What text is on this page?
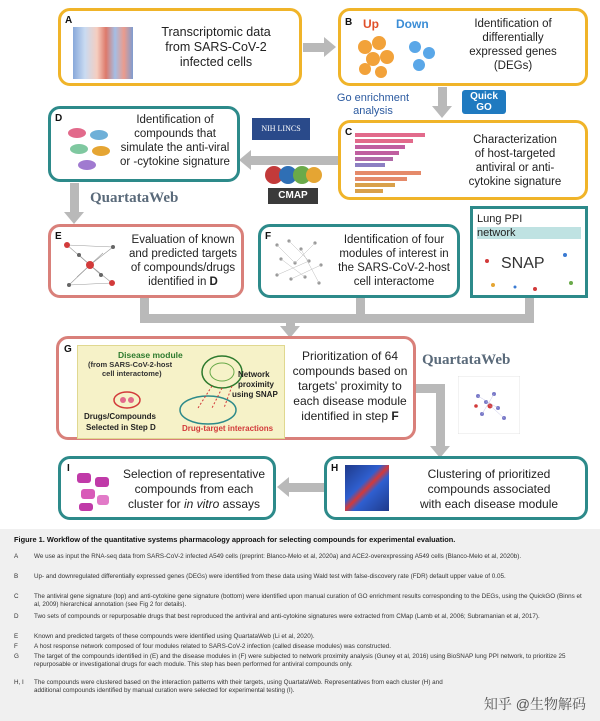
A
Transcriptomic data
from SARS-CoV-2
infected cells
B Up Down	Identification of
differentially
expressed genes
(DEGs)
Go enrichment
analysis
Quick GO
C
Characterization
of host-targeted
antiviral or anti-
cytokine signature
NIH LINCS
CMAP
D	Identification of
compounds that
simulate the anti-viral
or -cytokine signature
QuartataWeb
E	Evaluation of known
and predicted targets
of compounds/drugs
identified in D
F	Identification of four
modules of interest in
the SARS-CoV-2-host
cell interactome
Lung PPI
network
SNAP
G	Disease module
(from SARS-CoV-2-host
cell interactome)	Network
proximity
using SNAP
Drugs/Compounds
Selected in Step D	Drug-target interactions
Prioritization of 64
compounds based on
targets' proximity to
each disease module
identified in step F
QuartataWeb
H	Clustering of prioritized
compounds associated
with each disease module
I	Selection of representative
compounds from each
cluster for in vitro assays
Figure 1. Workflow of the quantitative systems pharmacology approach for selecting compounds for experimental evaluation.
A	We use as input the RNA-seq data from SARS-CoV-2 infected A549 cells (preprint: Blanco-Melo et al, 2020a) and ACE2-overexpressing A549 cells (Blanco-Melo et al, 2020b).
B	Up- and downregulated differentially expressed genes (DEGs) were identified from these data using Wald test with false-discovery rate (FDR) default upper value of 0.05.
C	The antiviral gene signature (top) and anti-cytokine gene signature (bottom) were identified upon manual curation of GO enrichment results corresponding to the DEGs, using the QuickGO (Binns et al, 2009) hierarchical annotation (see Fig 2 for details).
D	Two sets of compounds or repurposable drugs that best reproduced the antiviral and anti-cytokine signatures were extracted from CMap (Lamb et al, 2006; Subramanian et al, 2017).
E	Known and predicted targets of these compounds were identified using QuartataWeb (Li et al, 2020).
F	A host response network composed of four modules related to SARS-CoV-2 infection (called disease modules) was constructed.
G	The target of the compounds identified in (E) and the disease modules in (F) were subjected to network proximity analysis (Guney et al, 2016) using BioSNAP lung PPI network, to prioritize 25 repurposable or investigational drugs for each module. This step has been performed for antiviral compounds only.
H, I	The compounds were clustered based on the interaction patterns with their targets, using QuartataWeb. Representatives from each cluster (H) and additional compounds identified by manual curation were selected for experimental testing (I).
知乎 @生物解码
